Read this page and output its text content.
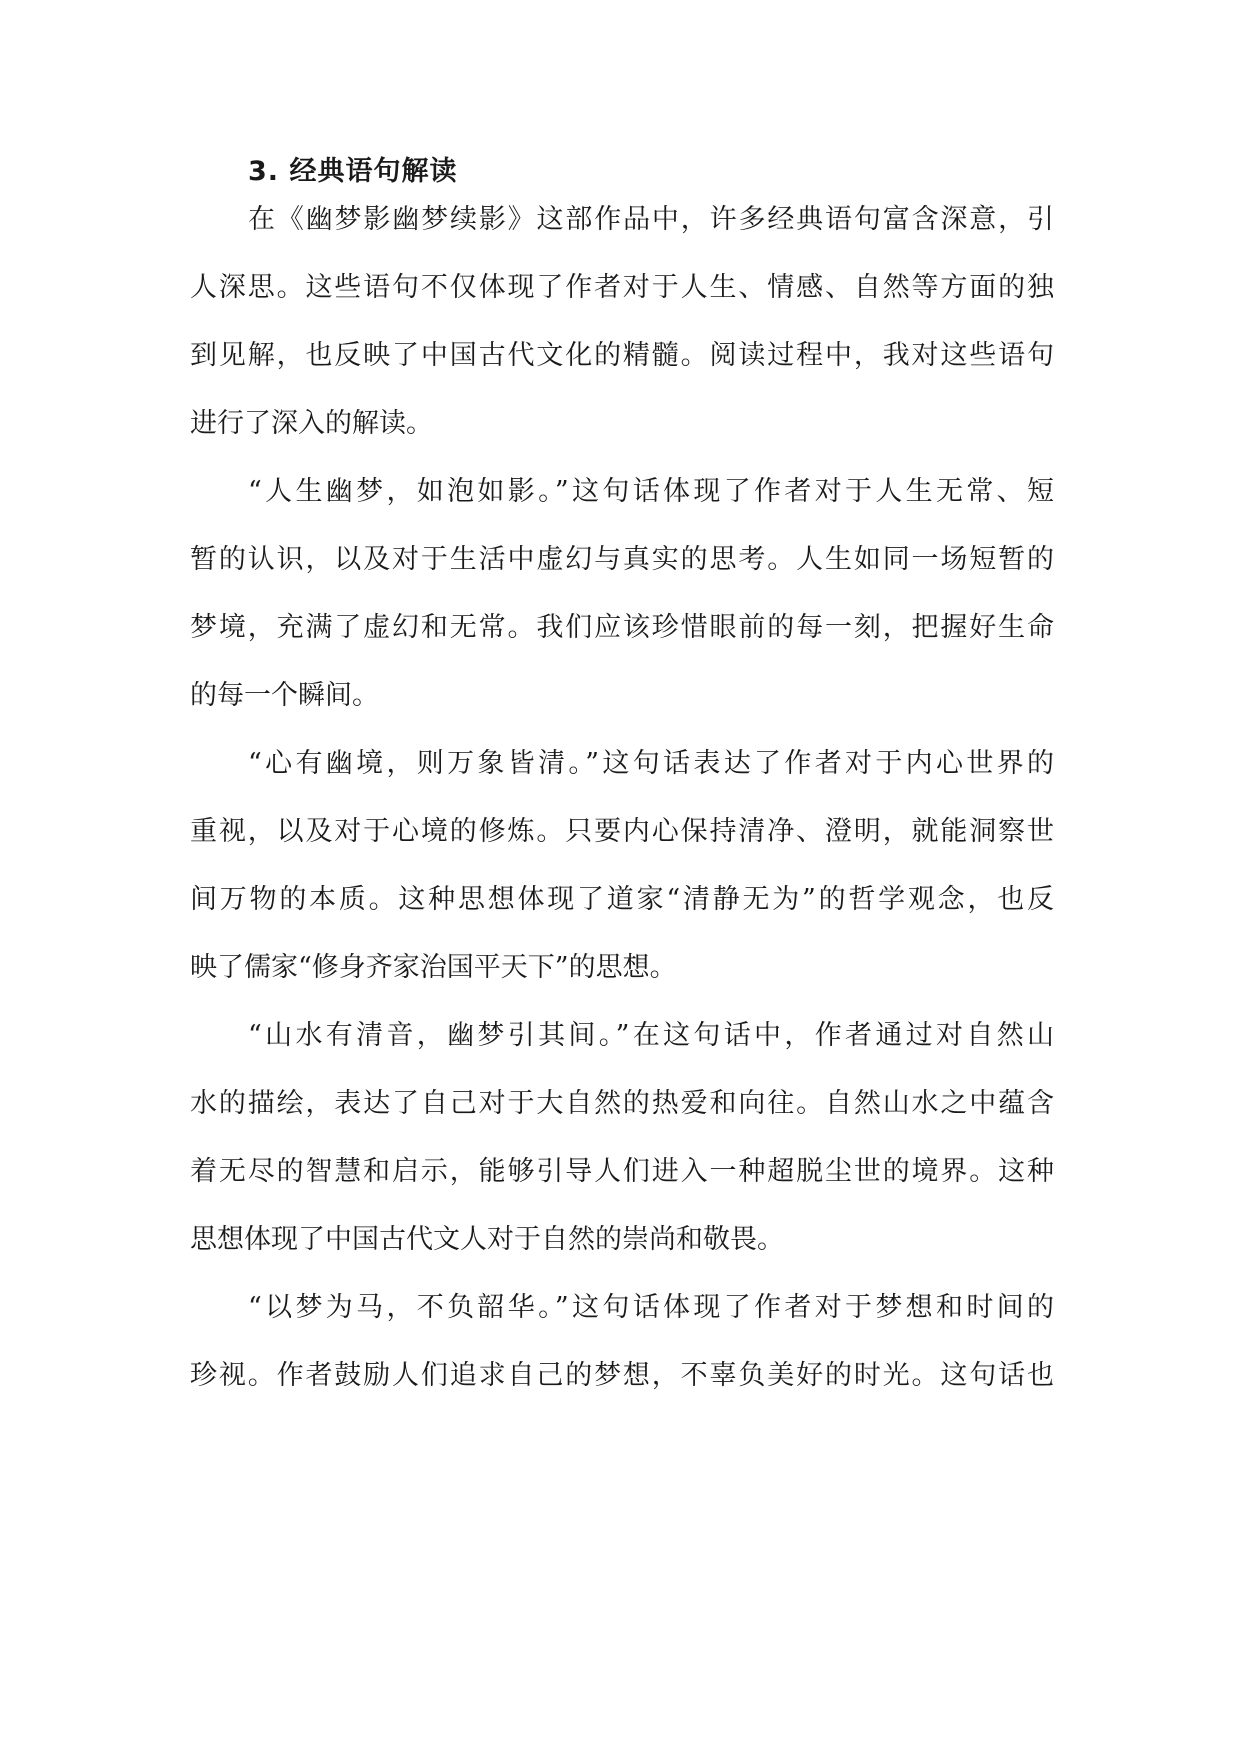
3. 经典语句解读
在《幽梦影幽梦续影》这部作品中，许多经典语句富含深意，引
人深思。这些语句不仅体现了作者对于人生、情感、自然等方面的独
到见解，也反映了中国古代文化的精髓。阅读过程中，我对这些语句
进行了深入的解读。
“人生幽梦，如泡如影。”这句话体现了作者对于人生无常、短
暂的认识，以及对于生活中虚幻与真实的思考。人生如同一场短暂的
梦境，充满了虚幻和无常。我们应该珍惜眼前的每一刻，把握好生命
的每一个瞬间。
“心有幽境，则万象皆清。”这句话表达了作者对于内心世界的
重视，以及对于心境的修炼。只要内心保持清净、澄明，就能洞察世
间万物的本质。这种思想体现了道家“清静无为”的哲学观念，也反
映了儒家“修身齐家治国平天下”的思想。
“山水有清音，幽梦引其间。”在这句话中，作者通过对自然山
水的描绘，表达了自己对于大自然的热爱和向往。自然山水之中蕴含
着无尽的智慧和启示，能够引导人们进入一种超脱尘世的境界。这种
思想体现了中国古代文人对于自然的崇尚和敬畏。
“以梦为马，不负韶华。”这句话体现了作者对于梦想和时间的
珍视。作者鼓励人们追求自己的梦想，不辜负美好的时光。这句话也
